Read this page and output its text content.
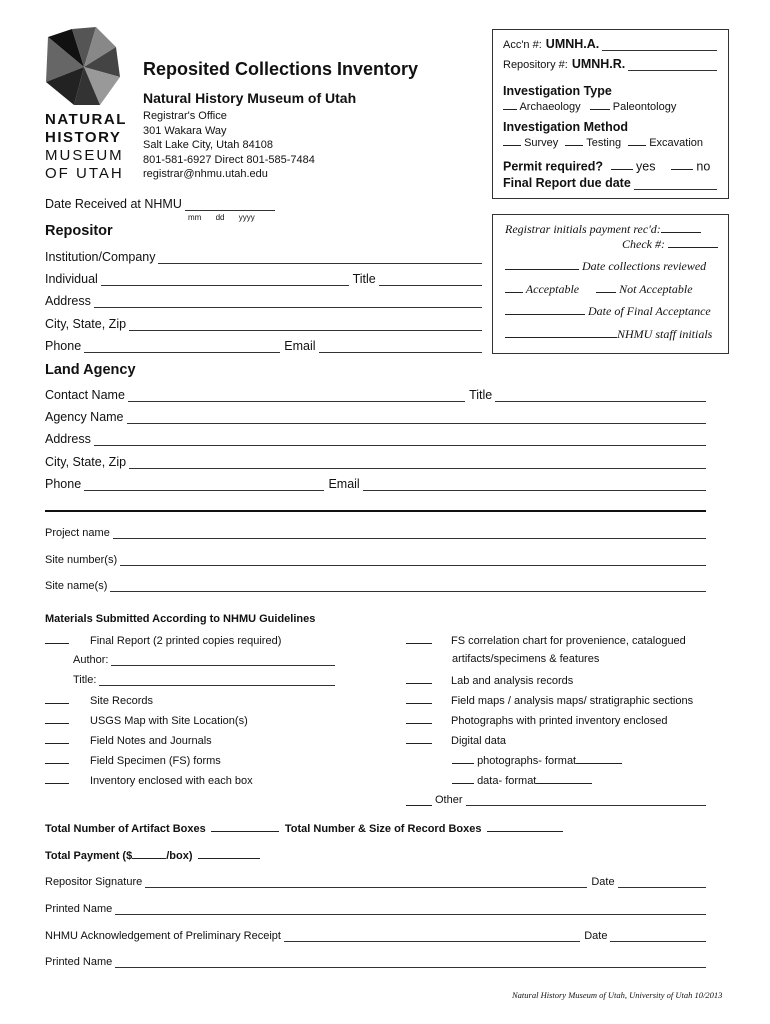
NATURAL
HISTORY
MUSEUM
OF UTAH
Reposited Collections Inventory
Natural History Museum of Utah
Registrar's Office
301 Wakara Way
Salt Lake City, Utah 84108
801-581-6927 Direct 801-585-7484
registrar@nhmu.utah.edu
Date Received at NHMU
mm dd yyyy
Acc'n #: UMNH.A.
Repository #: UMNH.R.
Investigation Type
Archaeology	Paleontology
Investigation Method
Survey	Testing	Excavation
Permit required?	yes	no
Final Report due date
Registrar initials payment rec'd:
Check #:
Date collections reviewed
Acceptable	Not Acceptable
Date of Final Acceptance
NHMU staff initials
Repositor
Institution/Company
Individual	Title
Address
City, State, Zip
Phone	Email
Land Agency
Contact Name	Title
Agency Name
Address
City, State, Zip
Phone	Email
Project name
Site number(s)
Site name(s)
Materials Submitted According to NHMU Guidelines
Final Report (2 printed copies required)
Author:
Title:
Site Records
USGS Map with Site Location(s)
Field Notes and Journals
Field Specimen (FS) forms
Inventory enclosed with each box
FS correlation chart for provenience, catalogued
artifacts/specimens & features
Lab and analysis records
Field maps / analysis maps/ stratigraphic sections
Photographs with printed inventory enclosed
Digital data
photographs- format
data- format
Other
Total Number of Artifact Boxes	Total Number & Size of Record Boxes
Total Payment ($	/box)
Repositor Signature	Date
Printed Name
NHMU Acknowledgement of Preliminary Receipt	Date
Printed Name
Natural History Museum of Utah, University of Utah 10/2013
